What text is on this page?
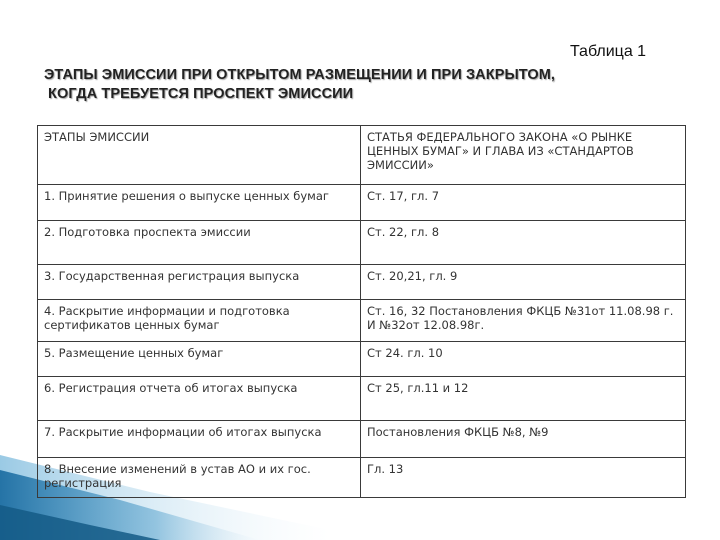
Таблица 1
ЭТАПЫ ЭМИССИИ ПРИ ОТКРЫТОМ РАЗМЕЩЕНИИ И ПРИ ЗАКРЫТОМ,
КОГДА ТРЕБУЕТСЯ ПРОСПЕКТ ЭМИССИИ
ЭТАПЫ ЭМИССИИ	СТАТЬЯ ФЕДЕРАЛЬНОГО ЗАКОНА «О РЫНКЕ ЦЕННЫХ БУМАГ» И ГЛАВА ИЗ «СТАНДАРТОВ ЭМИССИИ»
1. Принятие решения о выпуске ценных бумаг	Ст. 17, гл. 7
2. Подготовка проспекта эмиссии	Ст. 22, гл. 8
3. Государственная регистрация выпуска	Ст. 20,21, гл. 9
4. Раскрытие информации и подготовка сертификатов ценных бумаг	Ст. 16, 32 Постановления ФКЦБ №31от 11.08.98 г. И №32от 12.08.98г.
5. Размещение ценных бумаг	Ст 24. гл. 10
6. Регистрация отчета об итогах выпуска	Ст 25, гл.11 и 12
7. Раскрытие информации об итогах выпуска	Постановления ФКЦБ №8, №9
8. Внесение изменений в устав АО и их гос. регистрация	Гл. 13
